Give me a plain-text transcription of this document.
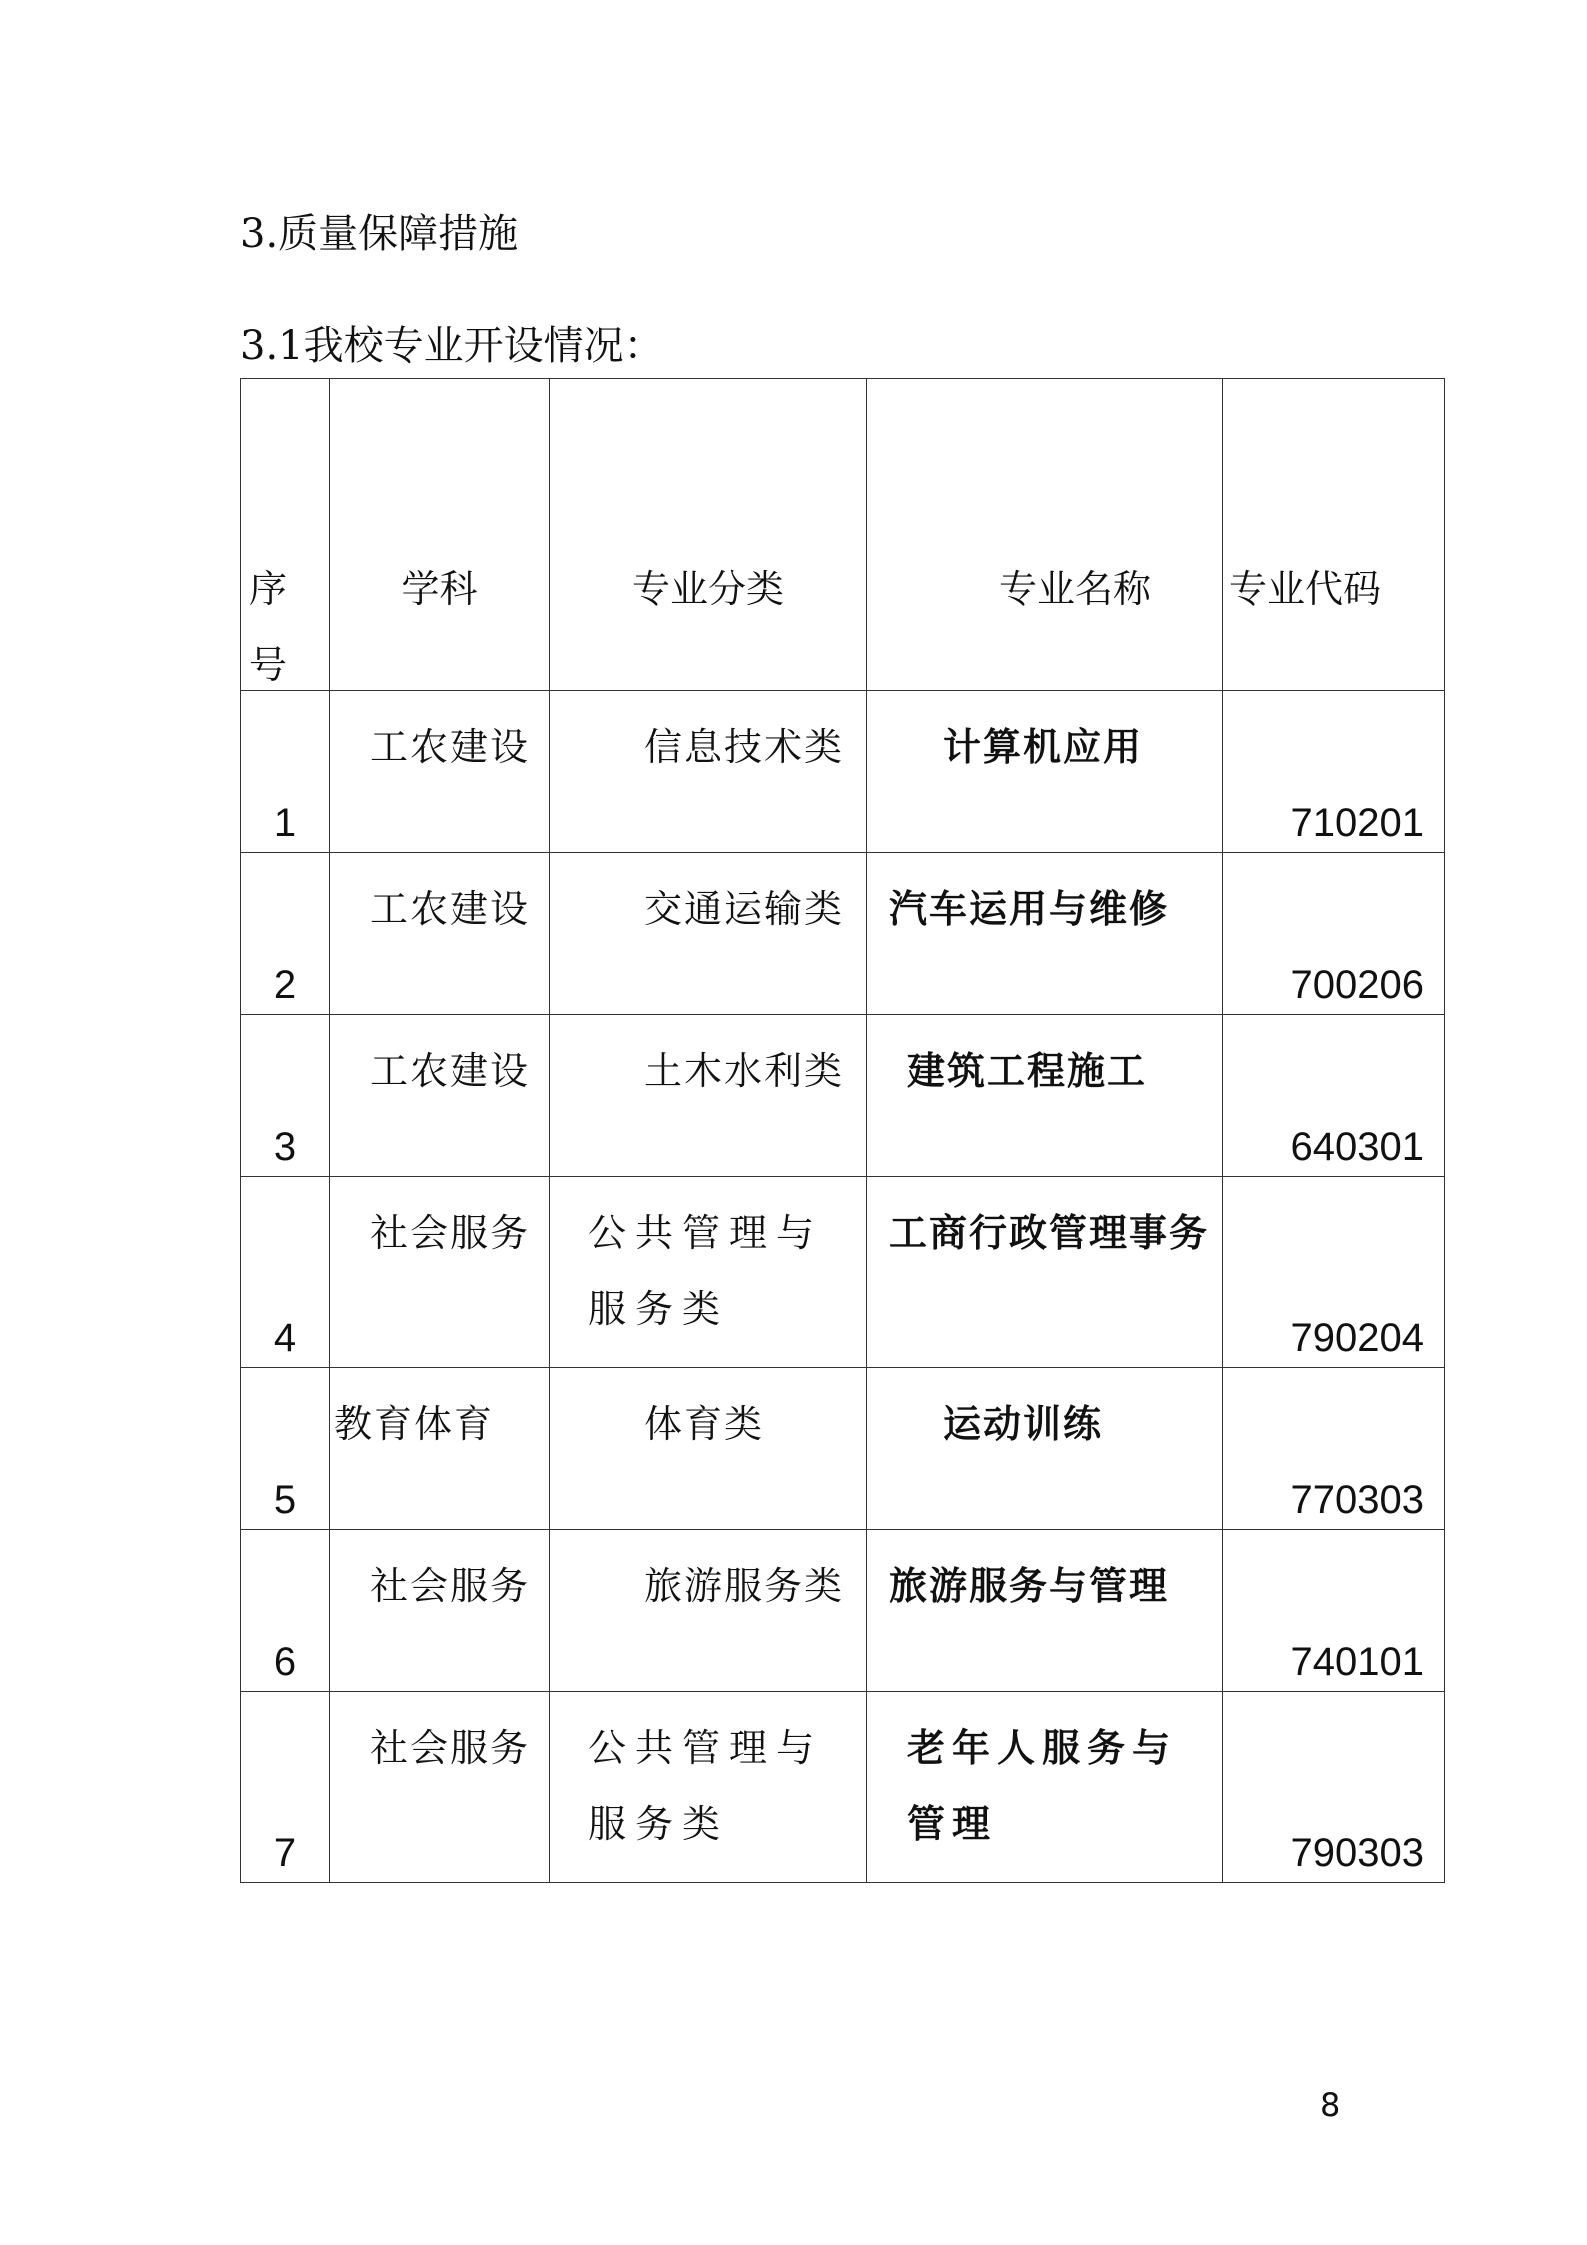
3.质量保障措施
3.1我校专业开设情况：
序
号	学科	专业分类	专业名称	专业代码

1	工农建设	信息技术类	计算机应用	710201

2	工农建设	交通运输类	汽车运用与维修	700206

3	工农建设	土木水利类	建筑工程施工	640301

4	社会服务	公共管理与服务类	工商行政管理事务	790204

5	教育体育	体育类	运动训练	770303

6	社会服务	旅游服务类	旅游服务与管理	740101

7	社会服务	公共管理与服务类	老年人服务与管理	790303
8
